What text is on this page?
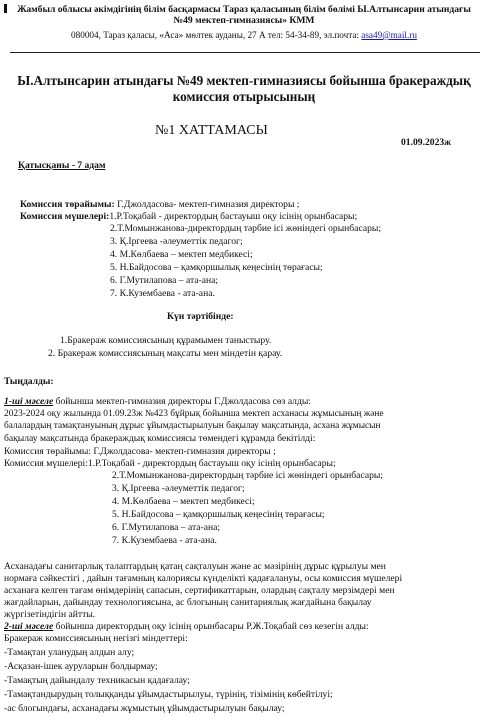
Жамбыл облысы әкімдігінің білім басқармасы Тараз қаласының білім бөлімі Ы.Алтынсарин атындағы
№49 мектеп-гимназиясы» КММ
080004, Тараз қаласы, «Аса» мөлтек ауданы, 27 А тел: 54-34-89, эл.почта: asa49@mail.ru
Ы.Алтынсарин атындағы №49 мектеп-гимназиясы бойынша бракераждық
комиссия отырысының
№1 ХАТТАМАСЫ
01.09.2023ж
Қатысқаны - 7 адам
Комиссия төрайымы: Г.Джолдасова- мектеп-гимназия директоры ;
Комиссия мүшелері:1.Р.Тоқабай - директордың бастауыш оқу ісінің орынбасары;
2.Т.Момынжанова-директордың тәрбие ісі жөніндегі орынбасары;
3. Қ.Іргеева -әлеуметтік педагог;
4. М.Көлбаева – мектеп медбикесі;
5. Н.Байдосова – қамқоршылық кеңесінің төрағасы;
6. Г.Мутилапова – ата-ана;
7. К.Кузембаева - ата-ана.
Күн тәртібінде:
1.Бракераж комиссиясының құрамымен таныстыру.
2. Бракераж комиссиясының мақсаты мен міндетін қарау.
Тыңдалды:
1-ші мәселе бойынша мектеп-гимназия директоры Г.Джолдасова сөз алды:
2023-2024 оқу жылында 01.09.23ж №423 бұйрық бойынша мектеп асханасы жұмысының және
балалардың тамақтануының дұрыс ұйымдастырылуын бақылау мақсатында, асхана жұмысын
бақылау мақсатында бракераждық комиссиясы төмендегі құрамда бекітілді:
Комиссия төрайымы: Г.Джолдасова- мектеп-гимназия директоры ;
Комиссия мүшелері:1.Р.Тоқабай - директордың бастауыш оқу ісінің орынбасары;
2.Т.Момынжанова-директордың тәрбие ісі жөніндегі орынбасары;
3. Қ.Іргеева -әлеуметтік педагог;
4. М.Көлбаева – мектеп медбикесі;
5. Н.Байдосова – қамқоршылық кеңесінің төрағасы;
6. Г.Мутилапова – ата-ана;
7. К.Кузембаева - ата-ана.
Асханадағы санитарлық талаптардың қатаң сақталуын және ас мәзірінің дұрыс құрылуы мен
нормаға сәйкестігі , дайын тағамның калориясы күнделікті қадағалануы, осы комиссия мүшелері
асханаға келген тағам өнімдерінің сапасын, сертификаттарын, олардың сақталу мерзімдері мен
жағдайларын, дайындау технологиясына, ас блогының санитариялық жағдайына бақылау
жүргізетіндігін айтты.
2-ші мәселе бойынша директордың оқу ісінің орынбасары Р.Ж.Тоқабай сөз кезегін алды:
Бракераж комиссиясының негізгі міндеттері:
-Тамақтан уланудың алдын алу;
-Асқазан-ішек ауруларын болдырмау;
-Тамақтың дайындалу техникасын қадағалау;
-Тамақтандырудың толыққанды ұйымдастырылуы, түрінің, тізімінің көбейтілуі;
-ас блогындағы, асханадағы жұмыстың ұйымдастырылуын бақылау;
